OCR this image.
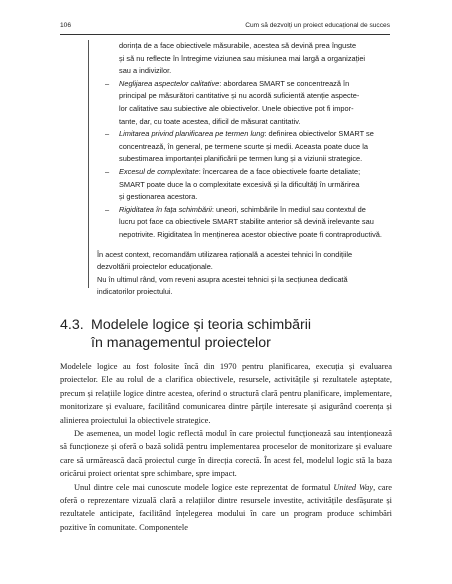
106	Cum să dezvolți un proiect educațional de succes

dorința de a face obiectivele măsurabile, acestea să devină prea înguste

și să nu reflecte în întregime viziunea sau misiunea mai largă a organizației

sau a indivizilor.

– Neglijarea aspectelor calitative: abordarea SMART se concentrează în

principal pe măsurători cantitative și nu acordă suficientă atenție aspecte-

lor calitative sau subiective ale obiectivelor. Unele obiective pot fi impor-

tante, dar, cu toate acestea, dificil de măsurat cantitativ.

– Limitarea privind planificarea pe termen lung: definirea obiectivelor SMART se

concentrează, în general, pe termene scurte și medii. Aceasta poate duce la

subestimarea importanței planificării pe termen lung și a viziunii strategice.

– Excesul de complexitate: încercarea de a face obiectivele foarte detaliate;

SMART poate duce la o complexitate excesivă și la dificultăți în urmărirea

și gestionarea acestora.

– Rigiditatea în fața schimbării: uneori, schimbările în mediul sau contextul de

lucru pot face ca obiectivele SMART stabilite anterior să devină irelevante sau

nepotrivite. Rigiditatea în menținerea acestor obiective poate fi contraproductivă.

În acest context, recomandăm utilizarea rațională a acestei tehnici în condițiile

dezvoltării proiectelor educaționale.

Nu în ultimul rând, vom reveni asupra acestei tehnici și la secțiunea dedicată

indicatorilor proiectului.

4.3. Modelele logice și teoria schimbării
în managementul proiectelor

Modelele logice au fost folosite încă din 1970 pentru planificarea, execuția și evaluarea proiectelor. Ele au rolul de a clarifica obiectivele, resursele, activitățile și rezultatele așteptate, precum și relațiile logice dintre acestea, oferind o structură clară pentru planificare, implementare, monitorizare și evaluare, facilitând comunicarea dintre părțile interesate și asigurând coerența și alinierea proiectului la obiectivele strategice.

De asemenea, un model logic reflectă modul în care proiectul funcționează sau intenționează să funcționeze și oferă o bază solidă pentru implementarea proceselor de monitorizare și evaluare care să urmărească dacă proiectul curge în direcția corectă. În acest fel, modelul logic stă la baza oricărui proiect orientat spre schimbare, spre impact.

Unul dintre cele mai cunoscute modele logice este reprezentat de formatul United Way, care oferă o reprezentare vizuală clară a relațiilor dintre resursele investite, activitățile desfășurate și rezultatele anticipate, facilitând înțelegerea modului în care un program produce schimbări pozitive în comunitate. Componentele
